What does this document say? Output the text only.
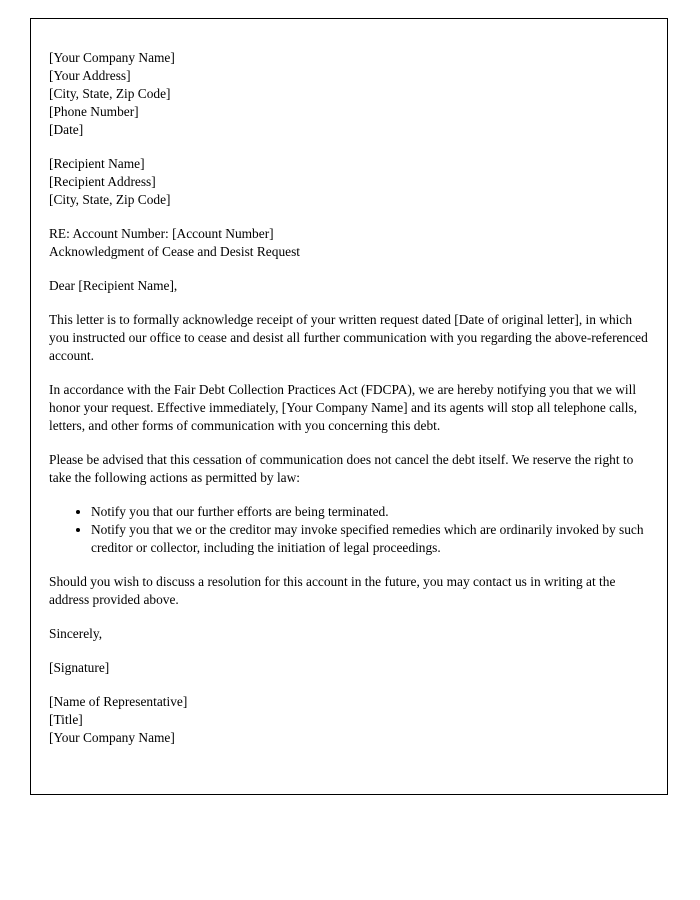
[Your Company Name]
[Your Address]
[City, State, Zip Code]
[Phone Number]
[Date]
[Recipient Name]
[Recipient Address]
[City, State, Zip Code]
RE: Account Number: [Account Number]
Acknowledgment of Cease and Desist Request
Dear [Recipient Name],

This letter is to formally acknowledge receipt of your written request dated [Date of original letter], in which you instructed our office to cease and desist all further communication with you regarding the above-referenced account.

In accordance with the Fair Debt Collection Practices Act (FDCPA), we are hereby notifying you that we will honor your request. Effective immediately, [Your Company Name] and its agents will stop all telephone calls, letters, and other forms of communication with you concerning this debt.

Please be advised that this cessation of communication does not cancel the debt itself. We reserve the right to take the following actions as permitted by law:

• Notify you that our further efforts are being terminated.
• Notify you that we or the creditor may invoke specified remedies which are ordinarily invoked by such creditor or collector, including the initiation of legal proceedings.

Should you wish to discuss a resolution for this account in the future, you may contact us in writing at the address provided above.

Sincerely,
[Signature]
[Name of Representative]
[Title]
[Your Company Name]
